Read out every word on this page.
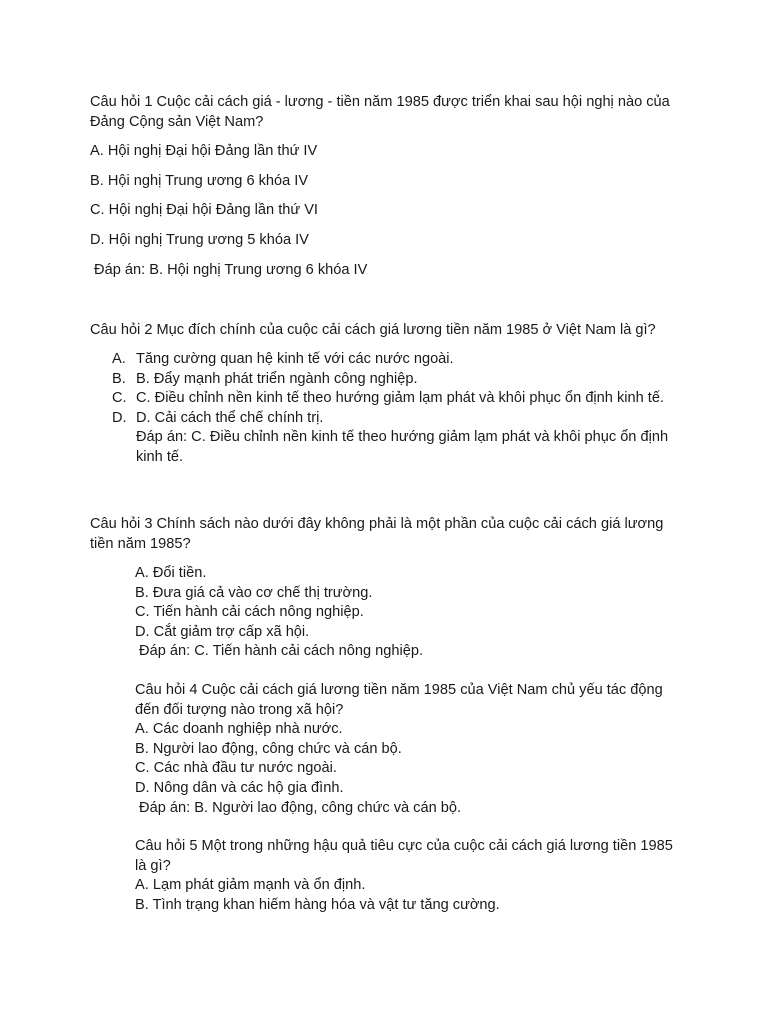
Câu hỏi 1 Cuộc cải cách giá - lương - tiền năm 1985 được triển khai sau hội nghị nào của Đảng Cộng sản Việt Nam?

A. Hội nghị Đại hội Đảng lần thứ IV

B. Hội nghị Trung ương 6 khóa IV

C. Hội nghị Đại hội Đảng lần thứ VI

D. Hội nghị Trung ương 5 khóa IV

Đáp án: B. Hội nghị Trung ương 6 khóa IV

Câu hỏi 2 Mục đích chính của cuộc cải cách giá lương tiền năm 1985 ở Việt Nam là gì?

A. Tăng cường quan hệ kinh tế với các nước ngoài.
B. B. Đẩy mạnh phát triển ngành công nghiệp.
C. C. Điều chỉnh nền kinh tế theo hướng giảm lạm phát và khôi phục ổn định kinh tế.
D. D. Cải cách thể chế chính trị.

Đáp án: C. Điều chỉnh nền kinh tế theo hướng giảm lạm phát và khôi phục ổn định kinh tế.

Câu hỏi 3 Chính sách nào dưới đây không phải là một phần của cuộc cải cách giá lương tiền năm 1985?

A. Đổi tiền.
B. Đưa giá cả vào cơ chế thị trường.
C. Tiến hành cải cách nông nghiệp.
D. Cắt giảm trợ cấp xã hội.
Đáp án: C. Tiến hành cải cách nông nghiệp.
Câu hỏi 4 Cuộc cải cách giá lương tiền năm 1985 của Việt Nam chủ yếu tác động đến đối tượng nào trong xã hội?
A. Các doanh nghiệp nhà nước.
B. Người lao động, công chức và cán bộ.
C. Các nhà đầu tư nước ngoài.
D. Nông dân và các hộ gia đình.
Đáp án: B. Người lao động, công chức và cán bộ.
Câu hỏi 5 Một trong những hậu quả tiêu cực của cuộc cải cách giá lương tiền 1985 là gì?
A. Lạm phát giảm mạnh và ổn định.
B. Tình trạng khan hiếm hàng hóa và vật tư tăng cường.
